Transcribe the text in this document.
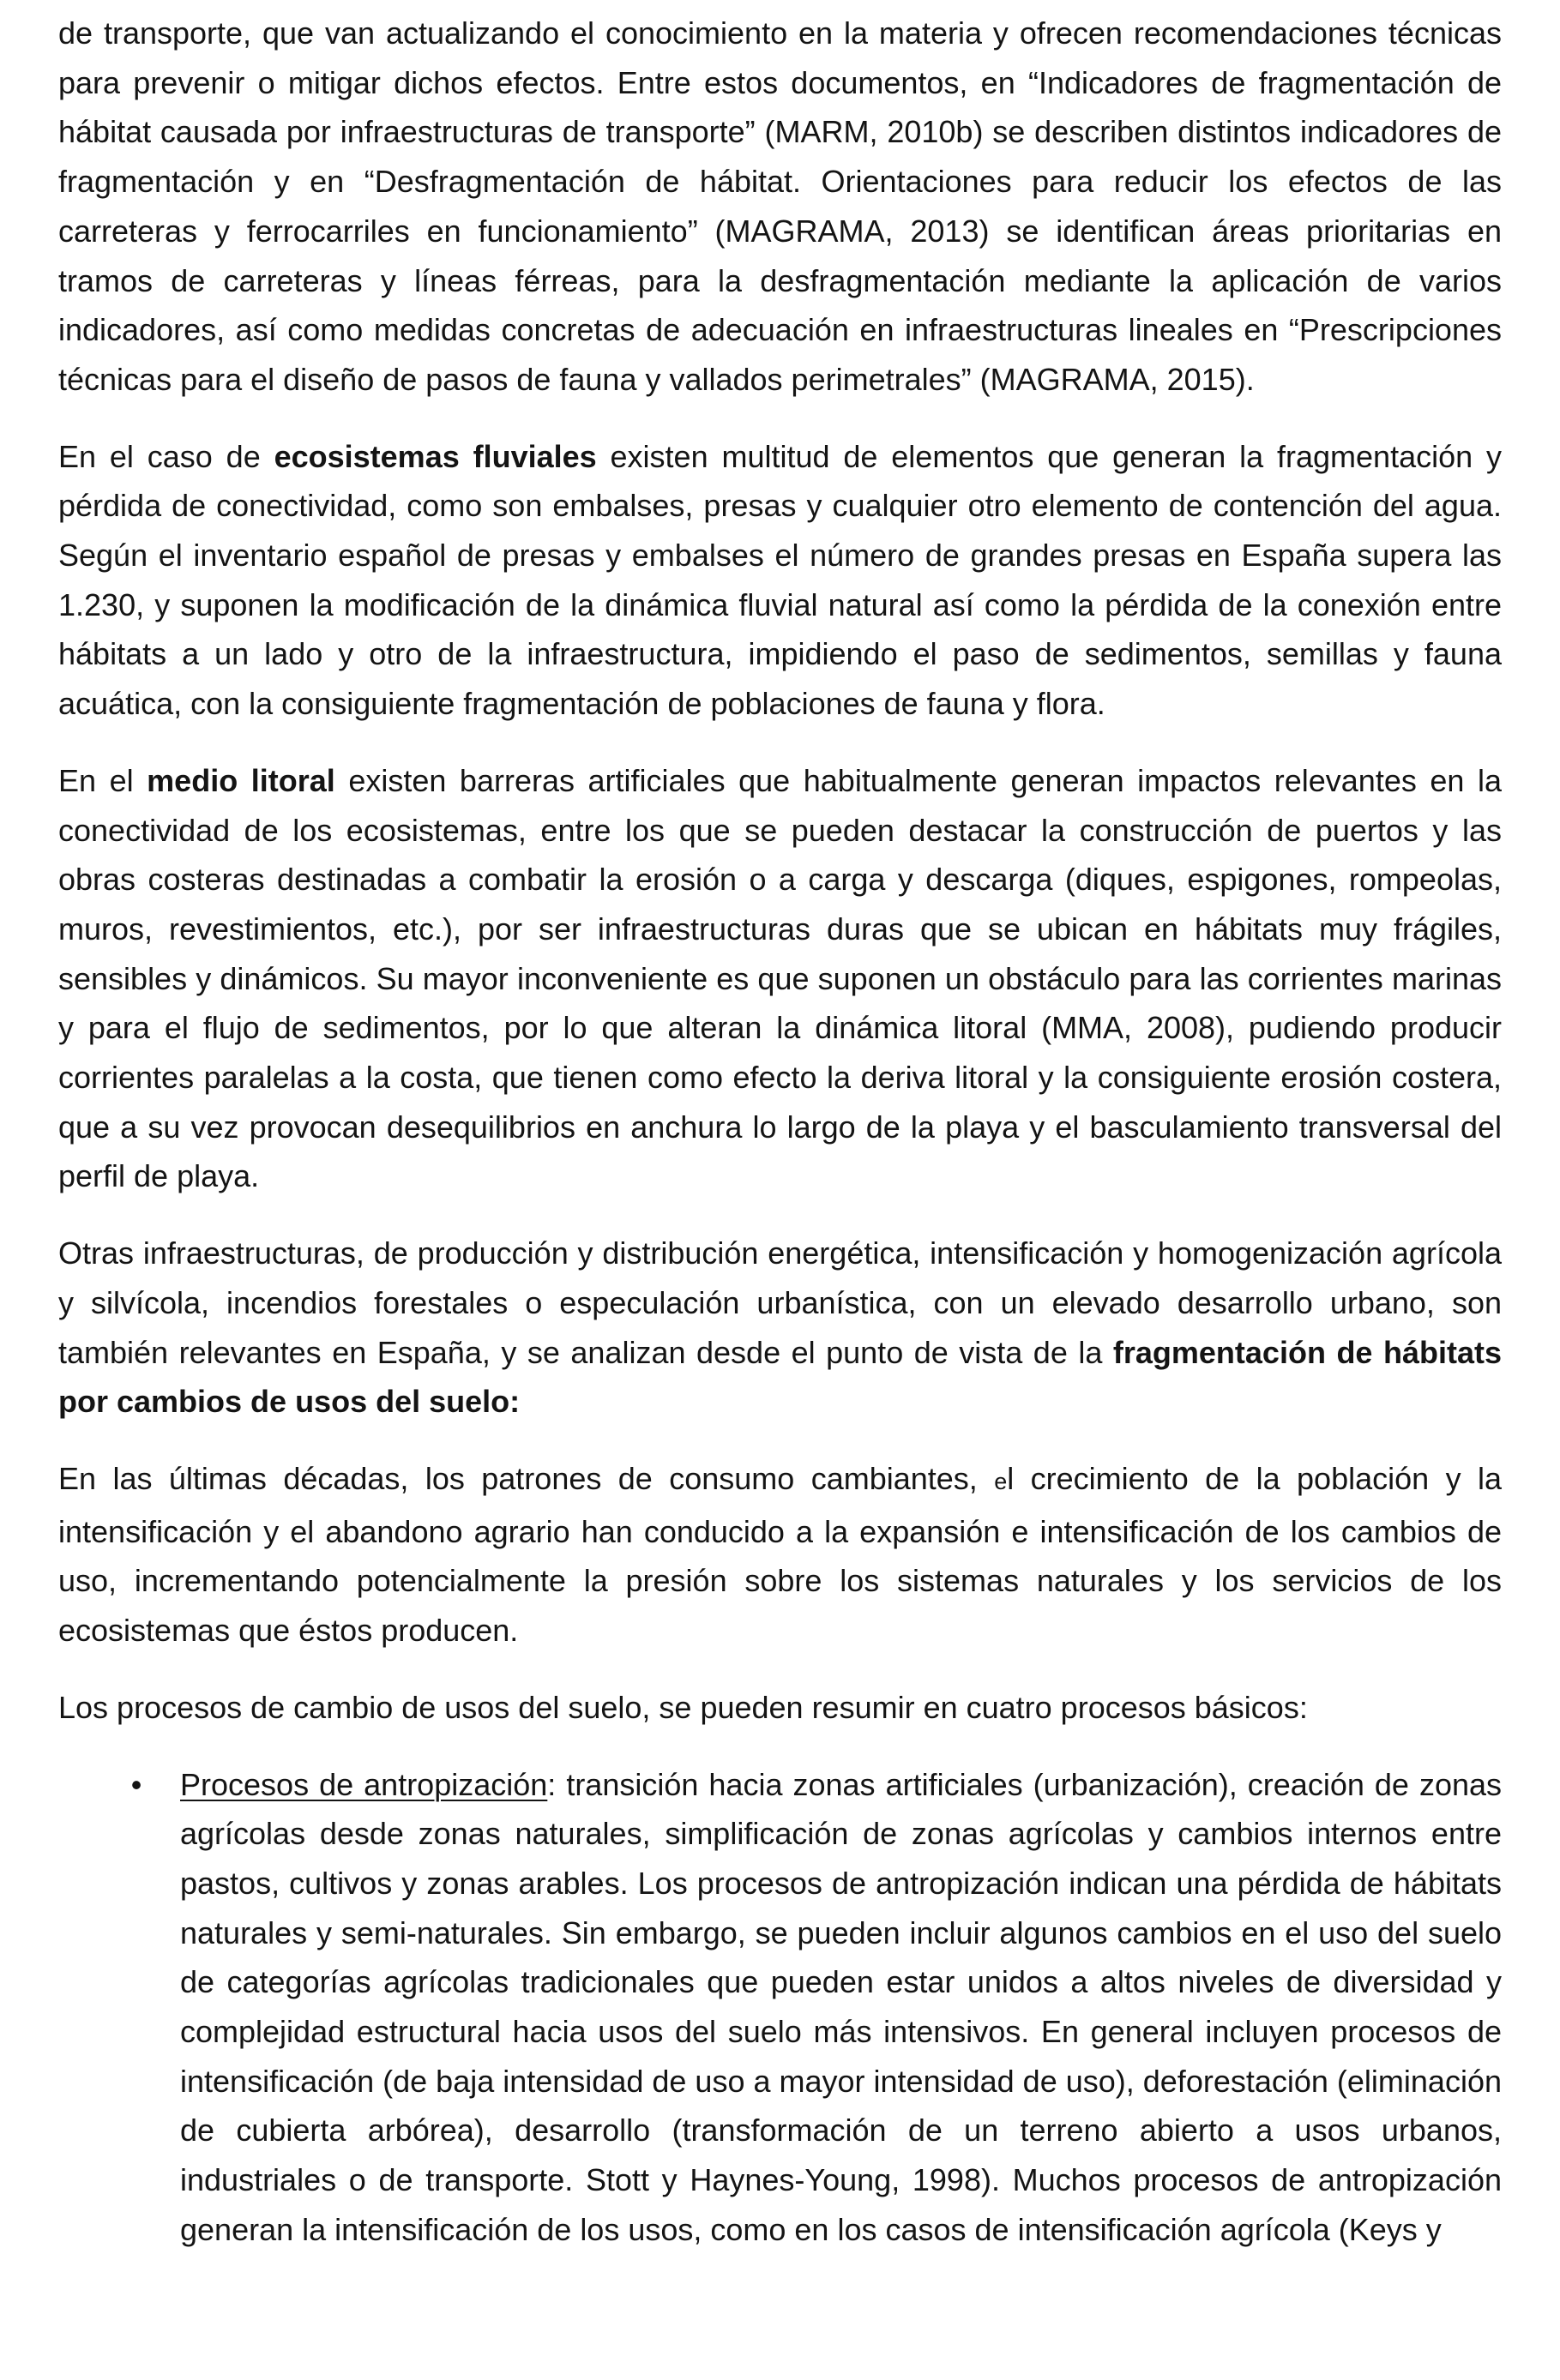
de transporte, que van actualizando el conocimiento en la materia y ofrecen recomendaciones técnicas para prevenir o mitigar dichos efectos. Entre estos documentos, en “Indicadores de fragmentación de hábitat causada por infraestructuras de transporte” (MARM, 2010b) se describen distintos indicadores de fragmentación y en “Desfragmentación de hábitat. Orientaciones para reducir los efectos de las carreteras y ferrocarriles en funcionamiento” (MAGRAMA, 2013) se identifican áreas prioritarias en tramos de carreteras y líneas férreas, para la desfragmentación mediante la aplicación de varios indicadores, así como medidas concretas de adecuación en infraestructuras lineales en “Prescripciones técnicas para el diseño de pasos de fauna y vallados perimetrales” (MAGRAMA, 2015).

En el caso de ecosistemas fluviales existen multitud de elementos que generan la fragmentación y pérdida de conectividad, como son embalses, presas y cualquier otro elemento de contención del agua. Según el inventario español de presas y embalses el número de grandes presas en España supera las 1.230, y suponen la modificación de la dinámica fluvial natural así como la pérdida de la conexión entre hábitats a un lado y otro de la infraestructura, impidiendo el paso de sedimentos, semillas y fauna acuática, con la consiguiente fragmentación de poblaciones de fauna y flora.

En el medio litoral existen barreras artificiales que habitualmente generan impactos relevantes en la conectividad de los ecosistemas, entre los que se pueden destacar la construcción de puertos y las obras costeras destinadas a combatir la erosión o a carga y descarga (diques, espigones, rompeolas, muros, revestimientos, etc.), por ser infraestructuras duras que se ubican en hábitats muy frágiles, sensibles y dinámicos. Su mayor inconveniente es que suponen un obstáculo para las corrientes marinas y para el flujo de sedimentos, por lo que alteran la dinámica litoral (MMA, 2008), pudiendo producir corrientes paralelas a la costa, que tienen como efecto la deriva litoral y la consiguiente erosión costera, que a su vez provocan desequilibrios en anchura lo largo de la playa y el basculamiento transversal del perfil de playa.

Otras infraestructuras, de producción y distribución energética, intensificación y homogenización agrícola y silvícola, incendios forestales o especulación urbanística, con un elevado desarrollo urbano, son también relevantes en España, y se analizan desde el punto de vista de la fragmentación de hábitats por cambios de usos del suelo:

En las últimas décadas, los patrones de consumo cambiantes, el crecimiento de la población y la intensificación y el abandono agrario han conducido a la expansión e intensificación de los cambios de uso, incrementando potencialmente la presión sobre los sistemas naturales y los servicios de los ecosistemas que éstos producen.

Los procesos de cambio de usos del suelo, se pueden resumir en cuatro procesos básicos:

• Procesos de antropización: transición hacia zonas artificiales (urbanización), creación de zonas agrícolas desde zonas naturales, simplificación de zonas agrícolas y cambios internos entre pastos, cultivos y zonas arables. Los procesos de antropización indican una pérdida de hábitats naturales y semi-naturales. Sin embargo, se pueden incluir algunos cambios en el uso del suelo de categorías agrícolas tradicionales que pueden estar unidos a altos niveles de diversidad y complejidad estructural hacia usos del suelo más intensivos. En general incluyen procesos de intensificación (de baja intensidad de uso a mayor intensidad de uso), deforestación (eliminación de cubierta arbórea), desarrollo (transformación de un terreno abierto a usos urbanos, industriales o de transporte. Stott y Haynes-Young, 1998). Muchos procesos de antropización generan la intensificación de los usos, como en los casos de intensificación agrícola (Keys y
